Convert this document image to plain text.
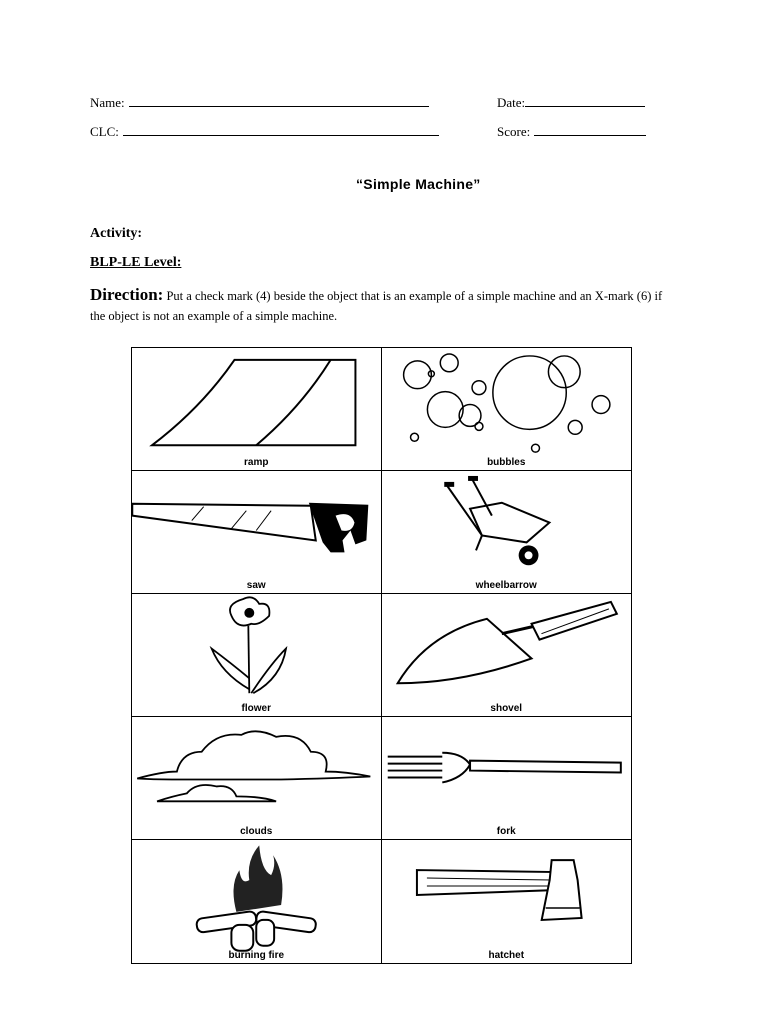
Name:	Date:
CLC:	Score:
“Simple Machine”
Activity:
BLP-LE Level:
Direction: Put a check mark (4) beside the object that is an example of a simple machine and an X-mark (6) if the object is not an example of a simple machine.
ramp	bubbles
saw	wheelbarrow
flower	shovel
clouds	fork
burning fire	hatchet
